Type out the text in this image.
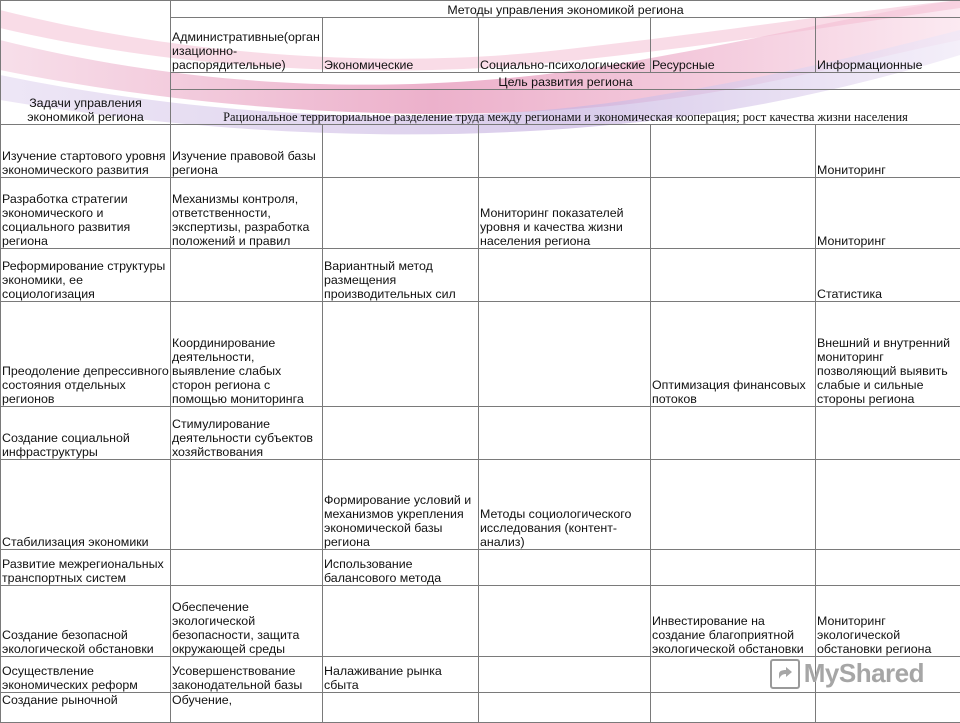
Задачи управления экономикой региона	Методы управления экономикой региона				
	Административные(организационно-распорядительные)	Экономические	Социально-психологические	Ресурсные	Информационные
	Цель развития региона				
	Рациональное территориальное разделение труда между регионами и экономическая кооперация; рост качества жизни населения				
Изучение стартового уровня экономического развития	Изучение правовой базы региона				Мониторинг
Разработка стратегии экономического и социального развития региона	Механизмы контроля, ответственности, экспертизы, разработка положений и правил		Мониторинг показателей уровня и качества жизни населения региона		Мониторинг
Реформирование структуры экономики, ее социологизация		Вариантный метод размещения производительных сил			Статистика
Преодоление депрессивного состояния отдельных регионов	Координирование деятельности, выявление слабых сторон региона с помощью мониторинга			Оптимизация финансовых потоков	Внешний и внутренний мониторинг позволяющий выявить слабые и сильные стороны региона
Создание социальной инфраструктуры	Стимулирование деятельности субъектов хозяйствования				
Стабилизация экономики		Формирование условий и механизмов укрепления экономической базы региона	Методы социологического исследования (контент-анализ)		
Развитие межрегиональных транспортных систем		Использование балансового метода			
Создание безопасной экологической обстановки	Обеспечение экологической безопасности, защита окружающей среды			Инвестирование на создание благоприятной экологической обстановки	Мониторинг экологической обстановки региона
Осуществление экономических реформ	Усовершенствование законодательной базы	Налаживание рынка сбыта			
Создание рыночной	Обучение,				
MyShared
